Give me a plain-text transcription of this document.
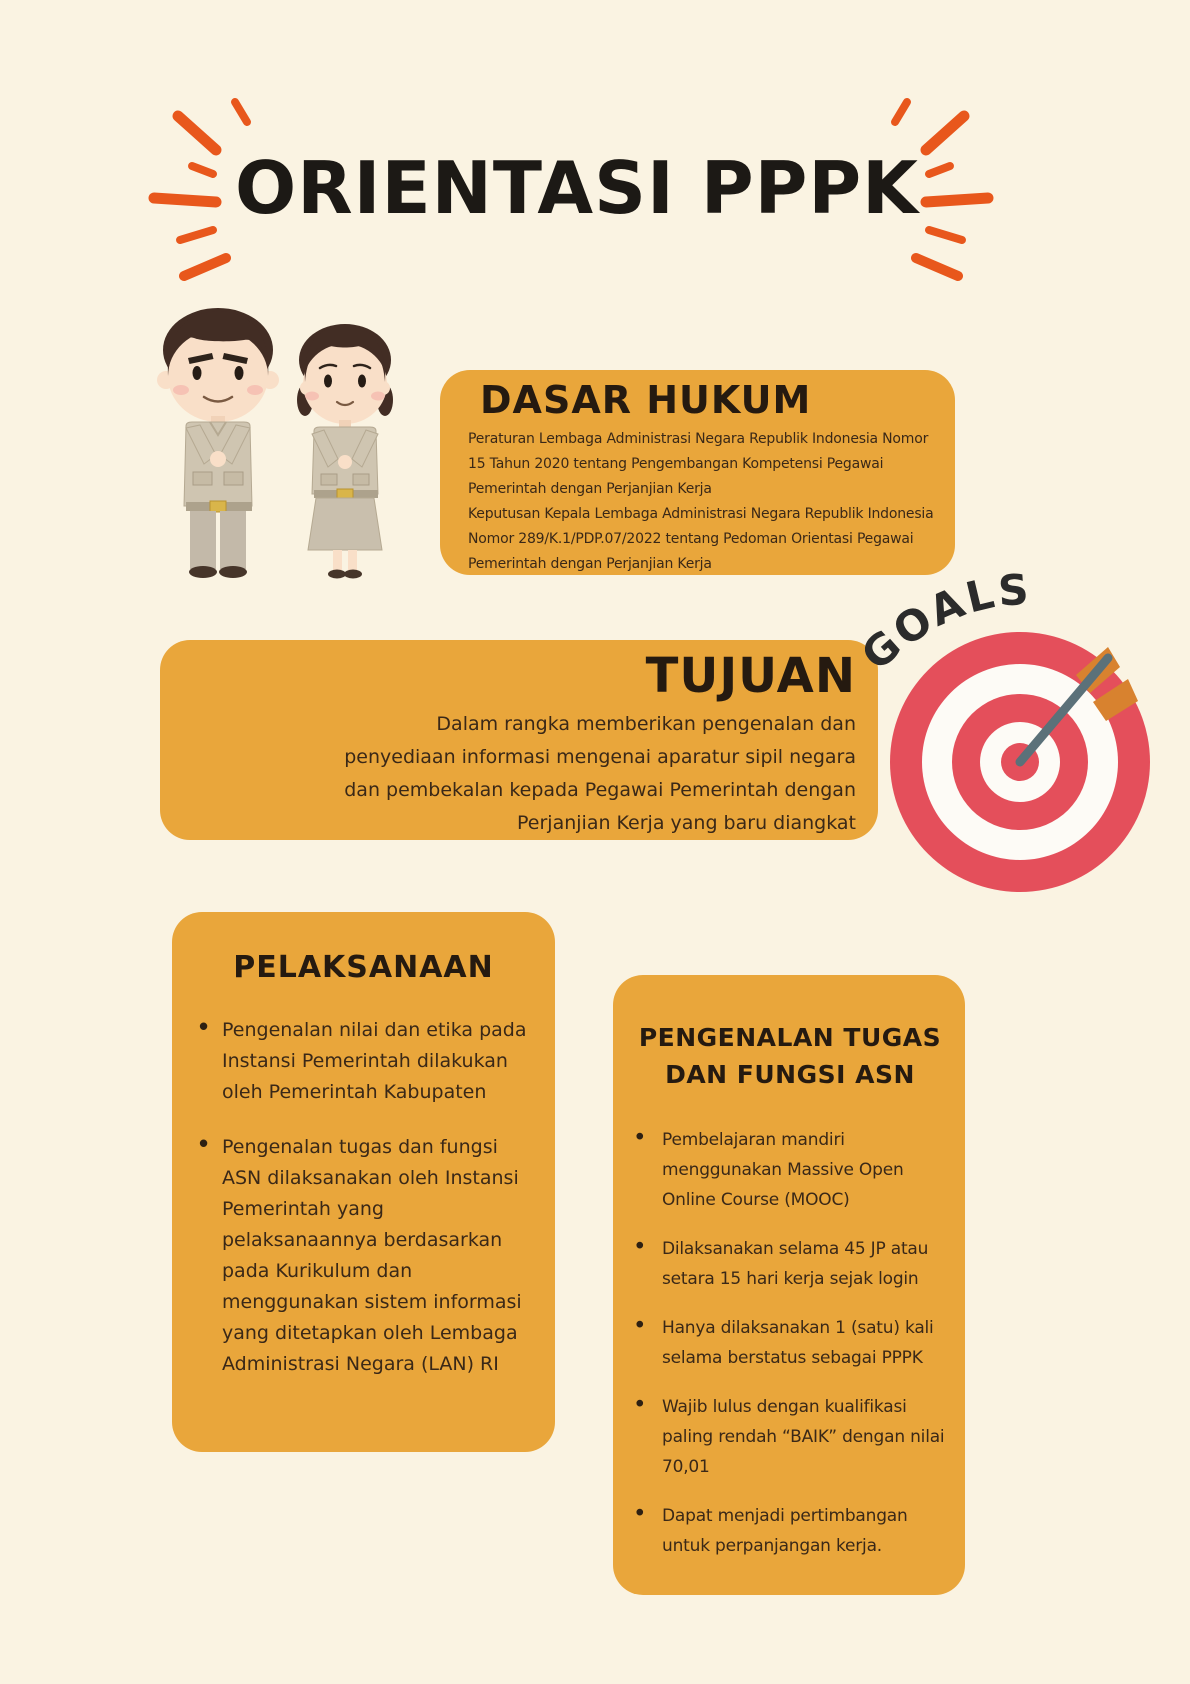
ORIENTASI PPPK
DASAR HUKUM
Peraturan Lembaga Administrasi Negara Republik Indonesia Nomor
15 Tahun 2020 tentang Pengembangan Kompetensi Pegawai
Pemerintah dengan Perjanjian Kerja
Keputusan Kepala Lembaga Administrasi Negara Republik Indonesia
Nomor 289/K.1/PDP.07/2022 tentang Pedoman Orientasi Pegawai
Pemerintah dengan Perjanjian Kerja
TUJUAN
Dalam rangka memberikan pengenalan dan
penyediaan informasi mengenai aparatur sipil negara
dan pembekalan kepada Pegawai Pemerintah dengan
Perjanjian Kerja yang baru diangkat
GOALS
PELAKSANAAN
• Pengenalan nilai dan etika pada Instansi Pemerintah dilakukan oleh Pemerintah Kabupaten
• Pengenalan tugas dan fungsi ASN dilaksanakan oleh Instansi Pemerintah yang pelaksanaannya berdasarkan pada Kurikulum dan menggunakan sistem informasi yang ditetapkan oleh Lembaga Administrasi Negara (LAN) RI
PENGENALAN TUGAS
DAN FUNGSI ASN
• Pembelajaran mandiri menggunakan Massive Open Online Course (MOOC)
• Dilaksanakan selama 45 JP atau setara 15 hari kerja sejak login
• Hanya dilaksanakan 1 (satu) kali selama berstatus sebagai PPPK
• Wajib lulus dengan kualifikasi paling rendah “BAIK” dengan nilai 70,01
• Dapat menjadi pertimbangan untuk perpanjangan kerja.
